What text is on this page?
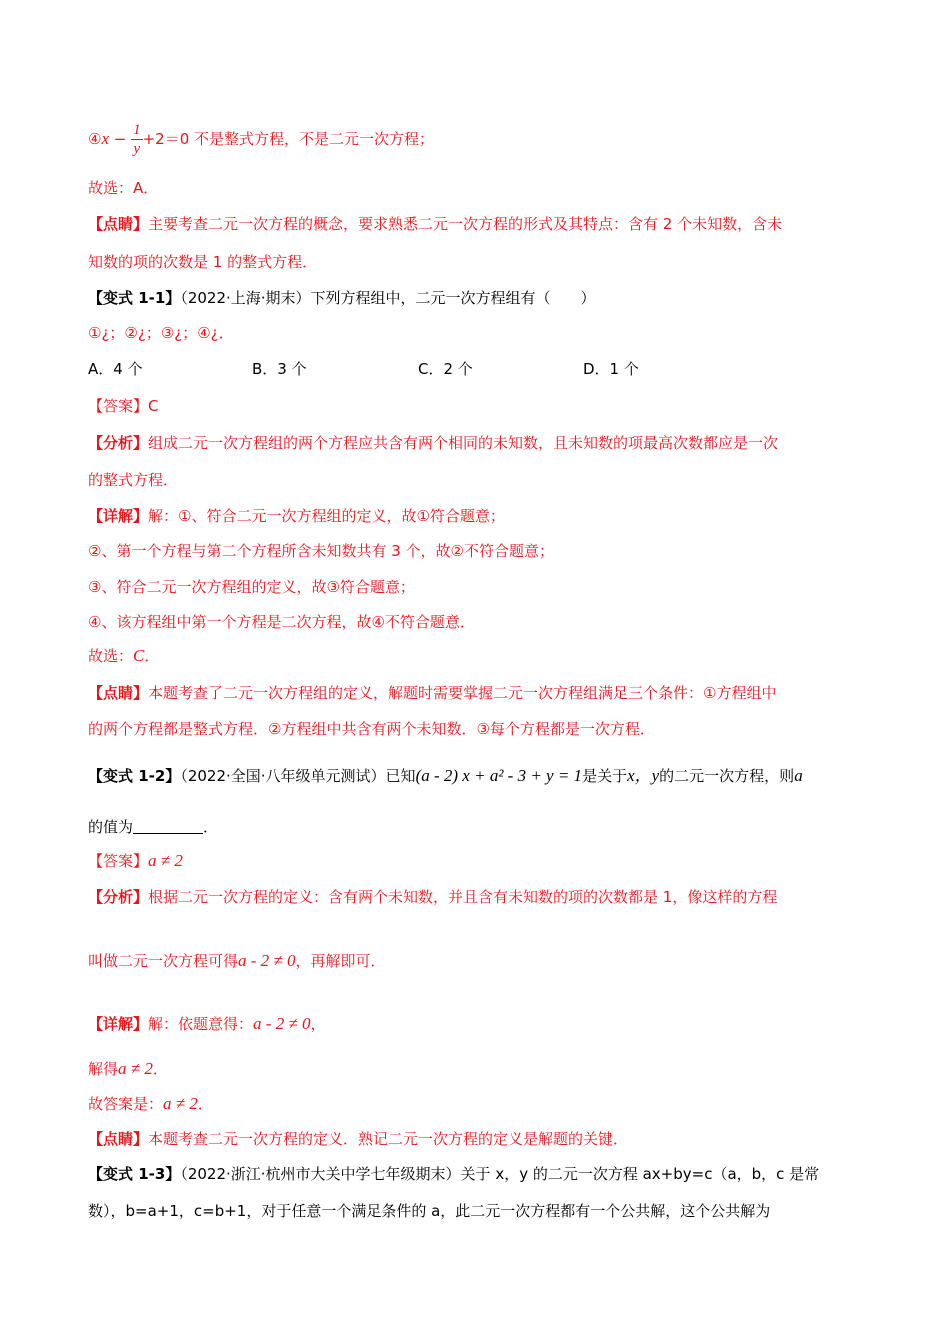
④x − $\frac{1}{y} +2=0$ 不是整式方程，不是二元一次方程；
故选：A．
【点睛】主要考查二元一次方程的概念，要求熟悉二元一次方程的形式及其特点：含有 2 个未知数，含未
知数的项的次数是 1 的整式方程．
【变式 1-1】（2022·上海·期末）下列方程组中，二元一次方程组有（　　）
①¿；②¿；③¿；④¿．
A．4 个	B．3 个	C．2 个	D．1 个
【答案】C
【分析】组成二元一次方程组的两个方程应共含有两个相同的未知数，且未知数的项最高次数都应是一次
的整式方程．
【详解】解：①、符合二元一次方程组的定义，故①符合题意；
②、第一个方程与第二个方程所含未知数共有 3 个，故②不符合题意；
③、符合二元一次方程组的定义，故③符合题意；
④、该方程组中第一个方程是二次方程，故④不符合题意．
故选：C．
【点睛】本题考查了二元一次方程组的定义，解题时需要掌握二元一次方程组满足三个条件：①方程组中
的两个方程都是整式方程．②方程组中共含有两个未知数．③每个方程都是一次方程．
【变式 1-2】（2022·全国·八年级单元测试）已知(a - 2) x + a² - 3 + y = 1是关于x，y的二元一次方程，则a
的值为	．
【答案】a ≠ 2
【分析】根据二元一次方程的定义：含有两个未知数，并且含有未知数的项的次数都是 1，像这样的方程
叫做二元一次方程可得a - 2 ≠ 0，再解即可．
【详解】解：依题意得：a - 2 ≠ 0，
解得a ≠ 2．
故答案是：a ≠ 2．
【点睛】本题考查二元一次方程的定义．熟记二元一次方程的定义是解题的关键．
【变式 1-3】（2022·浙江·杭州市大关中学七年级期末）关于 x，y 的二元一次方程 ax+by=c（a，b，c 是常
数），b=a+1，c=b+1，对于任意一个满足条件的 a，此二元一次方程都有一个公共解，这个公共解为
